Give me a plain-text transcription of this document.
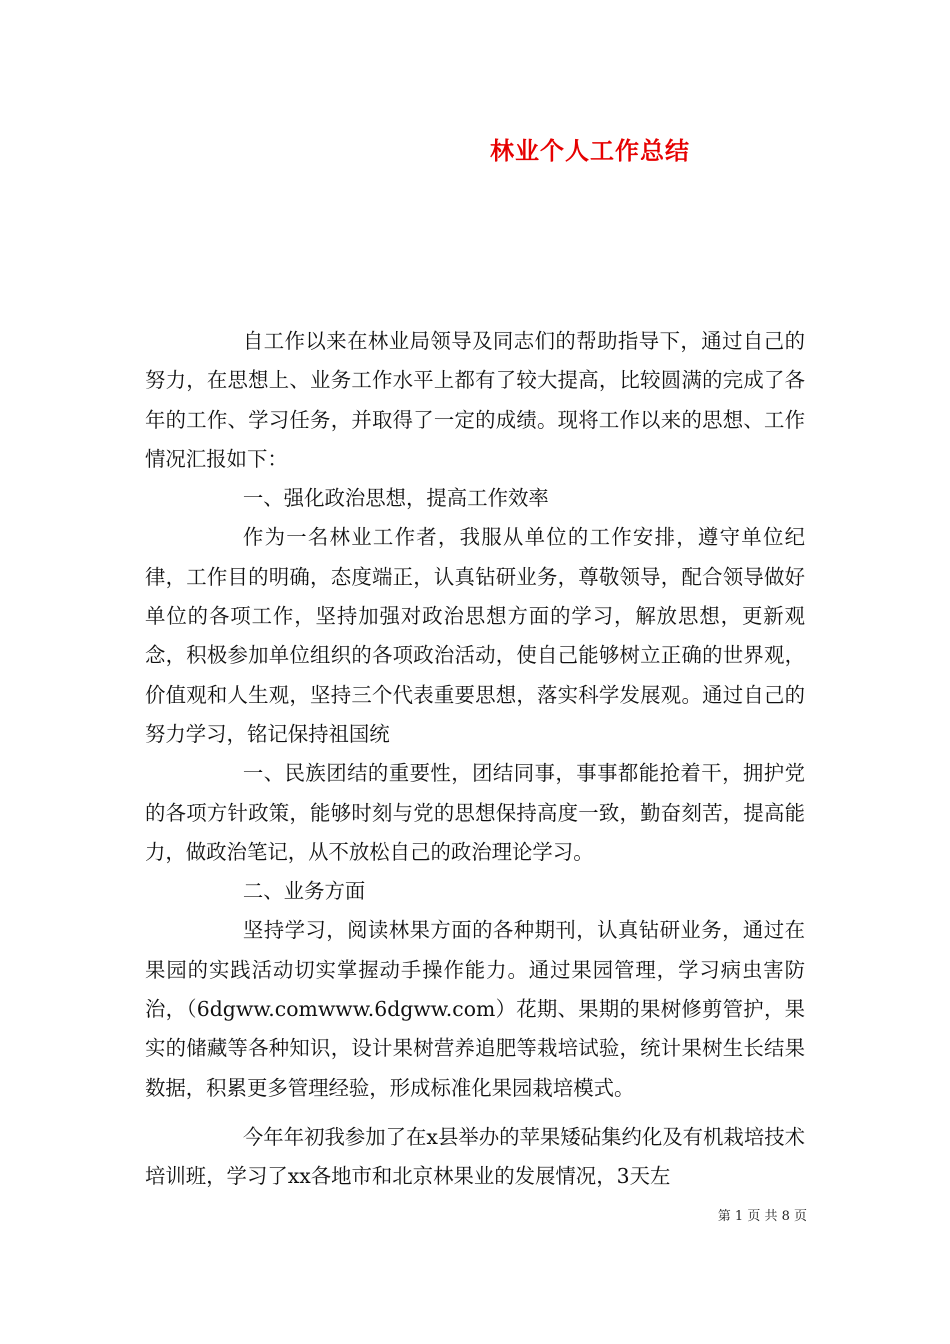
林业个人工作总结

自工作以来在林业局领导及同志们的帮助指导下，通过自己的努力，在思想上、业务工作水平上都有了较大提高，比较圆满的完成了各年的工作、学习任务，并取得了一定的成绩。现将工作以来的思想、工作情况汇报如下：

一、强化政治思想，提高工作效率

作为一名林业工作者，我服从单位的工作安排，遵守单位纪律，工作目的明确，态度端正，认真钻研业务，尊敬领导，配合领导做好单位的各项工作，坚持加强对政治思想方面的学习，解放思想，更新观念，积极参加单位组织的各项政治活动，使自己能够树立正确的世界观，价值观和人生观，坚持三个代表重要思想，落实科学发展观。通过自己的努力学习，铭记保持祖国统

一、民族团结的重要性，团结同事，事事都能抢着干，拥护党的各项方针政策，能够时刻与党的思想保持高度一致，勤奋刻苦，提高能力，做政治笔记，从不放松自己的政治理论学习。

二、业务方面

坚持学习，阅读林果方面的各种期刊，认真钻研业务，通过在果园的实践活动切实掌握动手操作能力。通过果园管理，学习病虫害防治，（6dgww.comwww.6dgww.com）花期、果期的果树修剪管护，果实的储藏等各种知识，设计果树营养追肥等栽培试验，统计果树生长结果数据，积累更多管理经验，形成标准化果园栽培模式。

今年年初我参加了在x县举办的苹果矮砧集约化及有机栽培技术培训班，学习了xx各地市和北京林果业的发展情况，3天左

第 1 页 共 8 页
